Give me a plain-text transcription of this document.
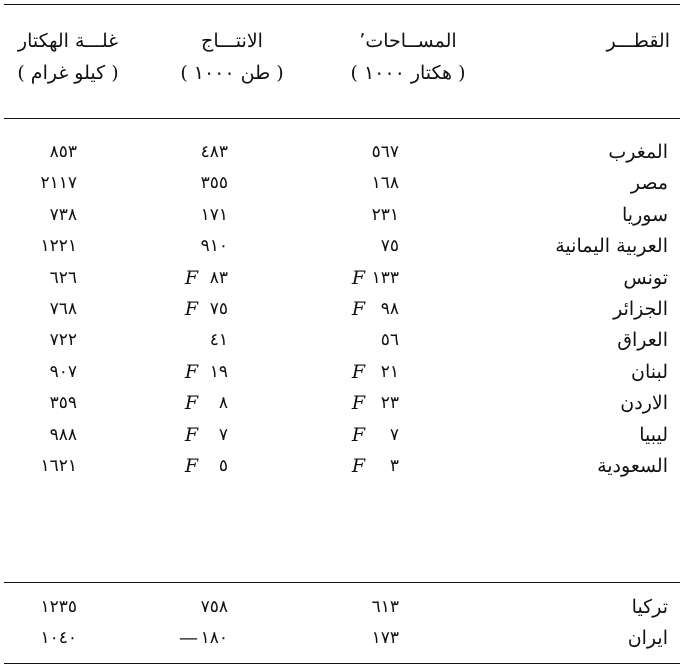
القطـــر
المســاحات٬
( ۱۰۰۰ هكتار )
الانتـــاج
( ۱۰۰۰ طن )
غلـــة الهكتار
( كيلو غرام )
المغرب
٥٦٧
٤٨٣
٨٥٣
مصر
١٦٨
٣٥٥
٢١١٧
سوريا
٢٣١
١٧١
٧٣٨
العربية اليمانية
٧٥
٩١٠
١٢٢١
تونس
١٣٣
F
٨٣
F
٦٢٦
الجزائر
٩٨
F
٧٥
F
٧٦٨
العراق
٥٦
٤١
٧٢٢
لبنان
٢١
F
١٩
F
٩٠٧
الاردن
٢٣
F
٨
F
٣٥٩
ليبيا
٧
F
٧
F
٩٨٨
السعودية
٣
F
٥
F
١٦٢١
تركيا
٦١٣
٧٥٨
١٢٣٥
ايران
١٧٣
١٨٠
—
١٠٤٠
